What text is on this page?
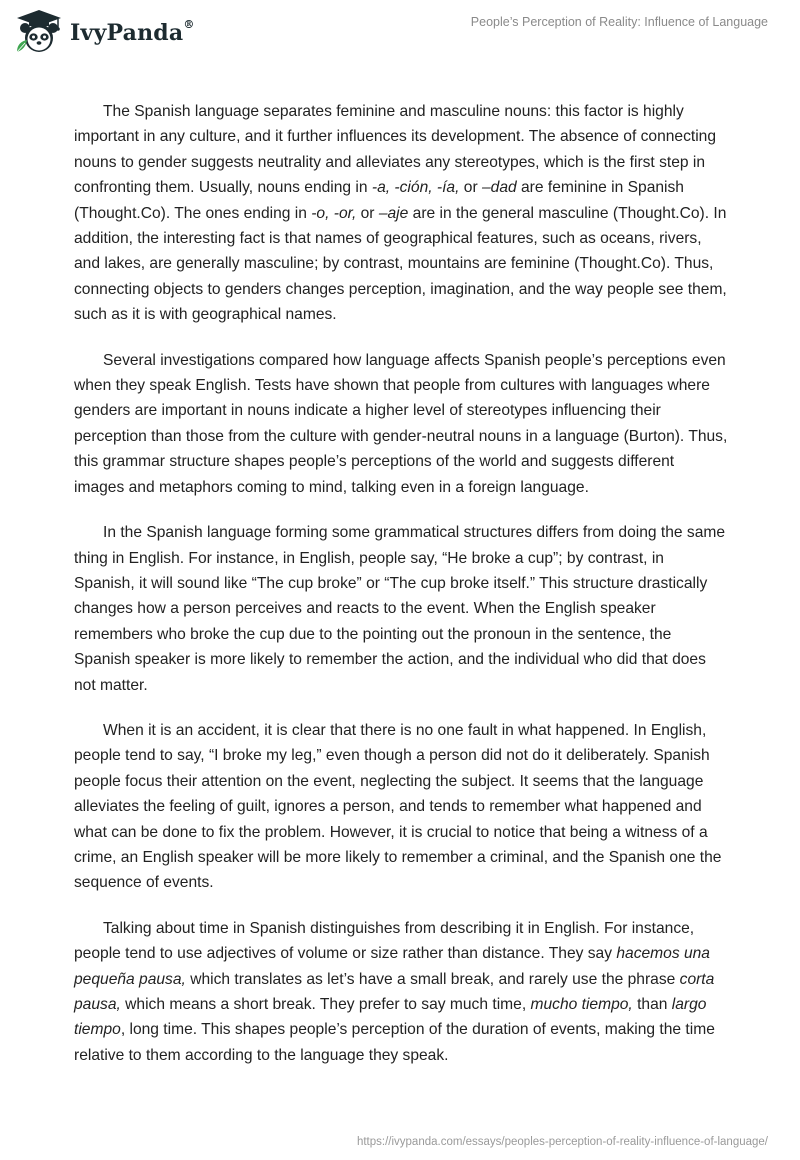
IvyPanda®	People’s Perception of Reality: Influence of Language

The Spanish language separates feminine and masculine nouns: this factor is highly important in any culture, and it further influences its development. The absence of connecting nouns to gender suggests neutrality and alleviates any stereotypes, which is the first step in confronting them. Usually, nouns ending in -a, -ción, -ía, or –dad are feminine in Spanish (Thought.Co). The ones ending in -o, -or, or –aje are in the general masculine (Thought.Co). In addition, the interesting fact is that names of geographical features, such as oceans, rivers, and lakes, are generally masculine; by contrast, mountains are feminine (Thought.Co). Thus, connecting objects to genders changes perception, imagination, and the way people see them, such as it is with geographical names.

Several investigations compared how language affects Spanish people’s perceptions even when they speak English. Tests have shown that people from cultures with languages where genders are important in nouns indicate a higher level of stereotypes influencing their perception than those from the culture with gender-neutral nouns in a language (Burton). Thus, this grammar structure shapes people’s perceptions of the world and suggests different images and metaphors coming to mind, talking even in a foreign language.

In the Spanish language forming some grammatical structures differs from doing the same thing in English. For instance, in English, people say, “He broke a cup”; by contrast, in Spanish, it will sound like “The cup broke” or “The cup broke itself.” This structure drastically changes how a person perceives and reacts to the event. When the English speaker remembers who broke the cup due to the pointing out the pronoun in the sentence, the Spanish speaker is more likely to remember the action, and the individual who did that does not matter.

When it is an accident, it is clear that there is no one fault in what happened. In English, people tend to say, “I broke my leg,” even though a person did not do it deliberately. Spanish people focus their attention on the event, neglecting the subject. It seems that the language alleviates the feeling of guilt, ignores a person, and tends to remember what happened and what can be done to fix the problem. However, it is crucial to notice that being a witness of a crime, an English speaker will be more likely to remember a criminal, and the Spanish one the sequence of events.

Talking about time in Spanish distinguishes from describing it in English. For instance, people tend to use adjectives of volume or size rather than distance. They say hacemos una pequeña pausa, which translates as let’s have a small break, and rarely use the phrase corta pausa, which means a short break. They prefer to say much time, mucho tiempo, than largo tiempo, long time. This shapes people’s perception of the duration of events, making the time relative to them according to the language they speak.

https://ivypanda.com/essays/peoples-perception-of-reality-influence-of-language/
